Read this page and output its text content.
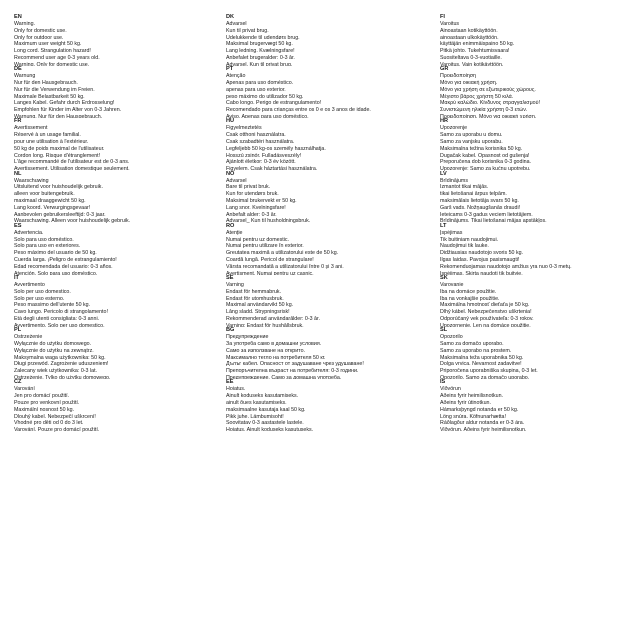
EN
Warning.
Only for domestic use.
Only for outdoor use.
Maximum user weight 50 kg.
Long cord. Strangulation hazard!
Recommend user age 0-3 years old.
Warning. Only for domestic use.
DE
Warnung
Nur für den Hausgebrauch.
Nur für die Verwendung im Freien.
Maximale Belastbarkeit 50 kg.
Langes Kabel. Gefahr durch Erdrosselung!
Empfohlen für Kinder im Alter von 0-3 Jahren.
Warnung. Nur für den Hausgebrauch.
FR
Avertissement
Réservé à un usage familial.
pour une utilisation à l'extérieur.
50 kg de poids maximal de l'utilisateur.
Cordon long. Risque d'étranglement!
L'âge recommandé de l'utilisateur est de 0-3 ans.
Avertissement. Utilisation domestique seulement.
NL
Waarschuwing
Uitsluitend voor huishoudelijk gebruik.
alleen voor buitengebruik.
maximaal draaggewicht 50 kg.
Lang koord. Verwurgingsgevaar!
Aanbevolen gebruikersleeftijd: 0-3 jaar.
Waarschuwing. Alleen voor huishoudelijk gebruik.
ES
Advertencia.
Solo para uso doméstico.
Solo para uso en exteriores.
Peso máximo del usuario de 50 kg.
Cuerda larga. ¡Peligro de estrangulamiento!
Edad recomendada del usuario: 0-3 años.
Atención. Solo para uso doméstico.
IT
Avvertimento
Solo per uso domestico.
Solo per uso esterno.
Peso massimo dell'utente 50 kg.
Cavo lungo. Pericolo di strangolamento!
Età degli utenti consigliata: 0-3 anni.
Avvertimento. Solo per uso domestico.
PL
Ostrzeżenie
Wyłącznie do użytku domowego.
Wyłącznie do użytku na zewnątrz.
Maksymalna waga użytkownika: 50 kg.
Długi przewód. Zagrożenie uduszeniem!
Zalecany wiek użytkownika: 0-3 lat.
Ostrzeżenie. Tylko do użytku domowego.
CZ
Varování
Jen pro domácí použití.
Pouze pro venkovní použití.
Maximální nosnost 50 kg.
Dlouhý kabel. Nebezpečí uškrcení!
Vhodné pro děti od 0 do 3 let.
Varování. Pouze pro domácí použití.
DK
Advarsel
Kun til privat brug.
Udelukkende til udendørs brug.
Maksimal brugervægt 50 kg.
Lang ledning. Kvælningsfare!
Anbefalet brugeralder: 0-3 år.
Advarsel. Kun til privat brug.
PT
Atenção
Apenas para uso doméstico.
apenas para uso exterior.
peso máximo do utilizador 50 kg.
Cabo longo. Perigo de estrangulamento!
Recomendado para crianças entre os 0 e os 3 anos de idade.
Aviso. Apenas para uso doméstico.
HU
Figyelmeztetés
Csak otthoni használatra.
Csak szabadtéri használatra.
Legfeljebb 50 kg-os személy használhatja.
Hosszú zsinór. Fulladásveszély!
Ajánlott életkor: 0-3 év között.
Figyelem. Csak háztartási használatra.
NO
Advarsel
Bare til privat bruk.
Kun for utendørs bruk.
Maksimal brukervekt er 50 kg.
Lang snor. Kvelningsfare!
Anbefalt alder: 0-3 år.
Advarsel_ Kun til husholdningsbruk.
RO
Atenție
Numai pentru uz domestic.
Numai pentru utilizare în exterior.
Greutatea maximă a utilizatorului este de 50 kg.
Coardă lungă. Pericol de strangulare!
Vârsta recomandată a utilizatorului între 0 și 3 ani.
Avertisment. Numai pentru uz casnic.
SE
Varning
Endast för hemmabruk.
Endast för utomhusbruk.
Maximal användarvikt 50 kg.
Lång sladd. Strypningsrisk!
Rekommenderad användarålder: 0-3 år.
Varning: Endast för hushållsbruk.
BG
Предупреждение
За употреба само в домашни условия.
Само за използване на открито.
Максимално тегло на потребителя 50 кг.
Дълъг кабел. Опасност от задушаване чрез удушаване!
Препоръчителна възраст на потребителя: 0-3 години.
Предупреждение. Само за домашна употреба.
EE
Hoiatus.
Ainult koduseks kasutamiseks.
ainult õues kasutamiseks.
maksimaalne kasutaja kaal 50 kg.
Pikk juhe. Lämbumisoht!
Soovitatav 0-3 aastastele lastele.
Hoiatus. Ainult koduseks kasutuseks.
FI
Varoitus
Ainoastaan kotikäyttöön.
ainoastaan ulkokäyttöön.
käyttäjän enimmäispaino 50 kg.
Pitkä johto. Tukehtumisvaara!
Suositeltava 0-3-vuotiaille.
Varoitus. Vain kotikäyttöön.
GR
Προειδοποίηση
Μόνο για οικιακή χρήση.
Μόνο για χρήση σε εξωτερικούς χώρους.
Μέγιστο βάρος χρήστη 50 κιλά.
Μακρύ καλώδιο. Κίνδυνος στραγγαλισμού!
Συνιστώμενη ηλικία χρήστη 0-3 ετών.
Προειδοποίηση. Μόνο για οικιακή χρήση.
HR
Upozorenje
Samo za uporabu u domu.
Samo za vanjsku uporabu.
Maksimalna težina korisnika 50 kg.
Dugačak kabel. Opasnost od gušenja!
Preporučena dob korisnika 0-3 godina.
Upozorenje: Samo za kućnu upotrebu.
LV
Brīdinājums
Izmantot tikai mājās.
tikai lietošanai ārpus telpām.
maksimālais lietotāja svars 50 kg.
Garš vads. Nožņaugšanās draudi!
Ieteicams 0-3 gadus veciem lietotājiem.
Brīdinājums. Tikai lietošanai mājas apstākļos.
LT
Įspėjimas
Tik buitiniam naudojimui.
Naudojimui tik lauke.
Didžiausias naudotojo svoris 50 kg.
Ilgas laidas. Pavojus pasismaugti!
Rekomenduojamas naudotojo amžius yra nuo 0-3 metų.
Įspėjimas. Skirta naudoti tik buityje.
SK
Varovanie
Iba na domáce použitie.
Iba na vonkajšie použitie.
Maximálna hmotnosť dieťaťa je 50 kg.
Dlhý kábel. Nebezpečenstvo uškrtenia!
Odporúčaný vek používateľa: 0-3 rokov.
Upozornenie. Len na domáce použitie.
SL
Opozorilo
Samo za domačo uporabo.
Samo za uporabo na prostem.
Maksimalna teža uporabnika 50 kg.
Dolga vrvica. Nevarnost zadavitve!
Priporočena uporabniška skupina, 0-3 let.
Opozorilo. Samo za domačo uporabo.
IS
Viðvörun
Aðeins fyrir heimilisnotkun.
Aðeins fyrir útinotkun.
Hámarksþyngd notanda er 50 kg.
Löng snúra. Köfnunarhætta!
Ráðlagður aldur notanda er 0-3 ára.
Viðvörun. Aðeins fyrir heimilisnotkun.
